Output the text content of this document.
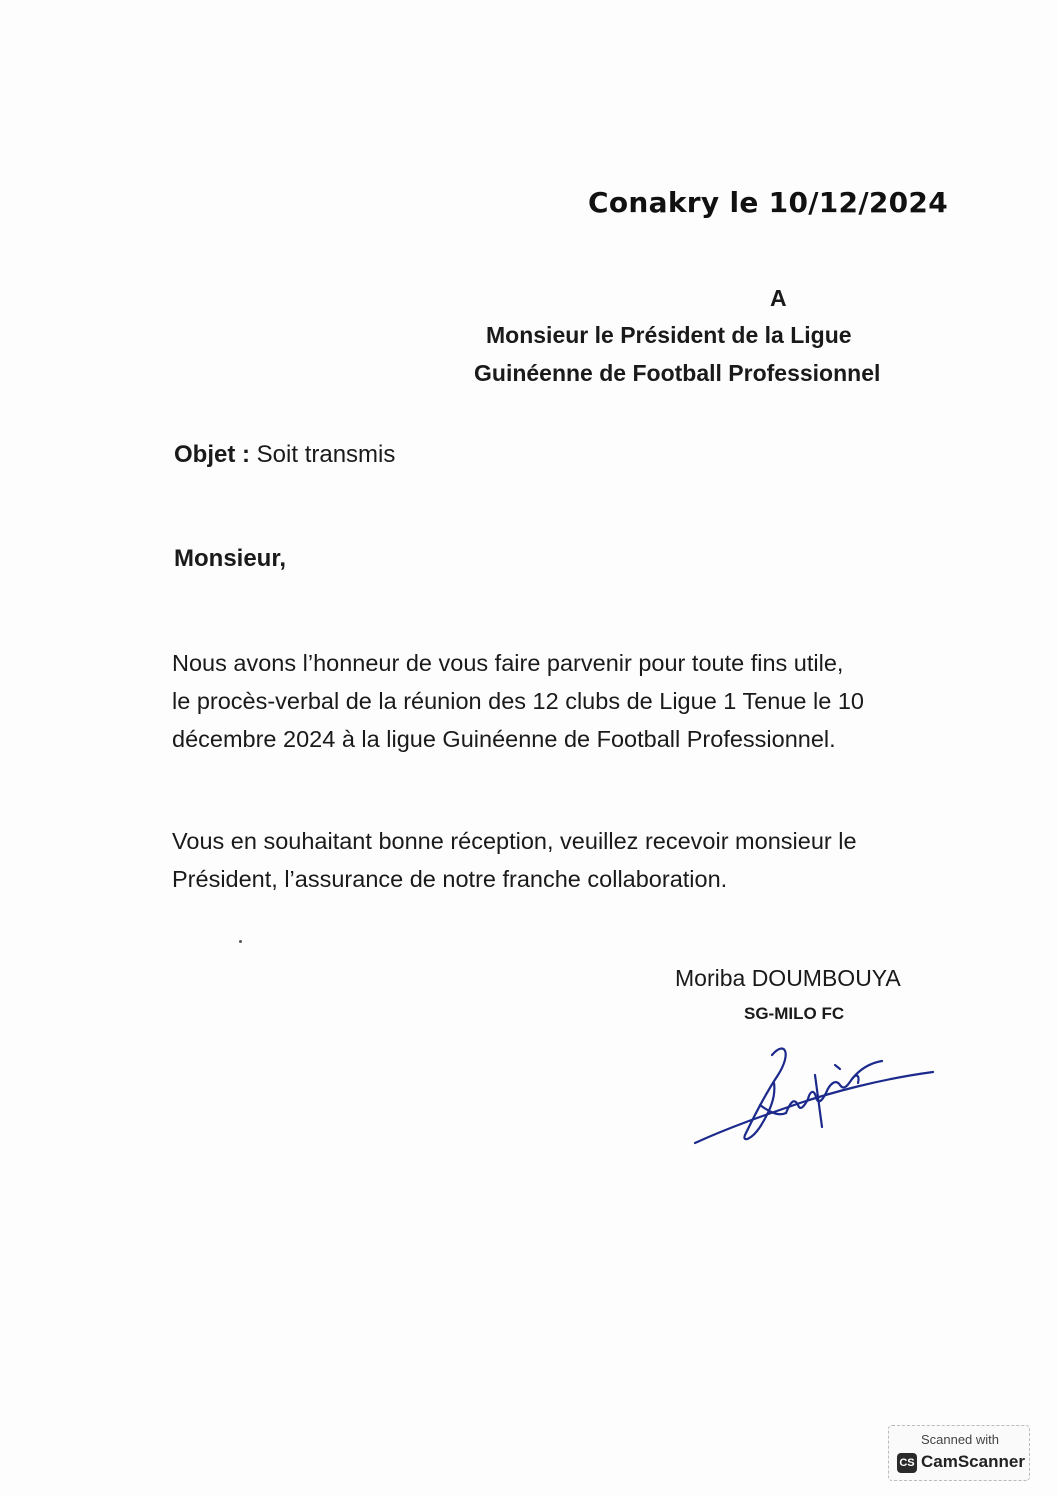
Conakry le 10/12/2024
A
Monsieur le Président de la Ligue
Guinéenne de Football Professionnel
Objet : Soit transmis
Monsieur,
Nous avons l’honneur de vous faire parvenir pour toute fins utile,
le procès-verbal de la réunion des 12 clubs de Ligue 1 Tenue le 10
décembre 2024 à la ligue Guinéenne de Football Professionnel.
Vous en souhaitant bonne réception, veuillez recevoir monsieur le
Président, l’assurance de notre franche collaboration.
Moriba DOUMBOUYA
SG-MILO FC
Scanned with
CS CamScanner
